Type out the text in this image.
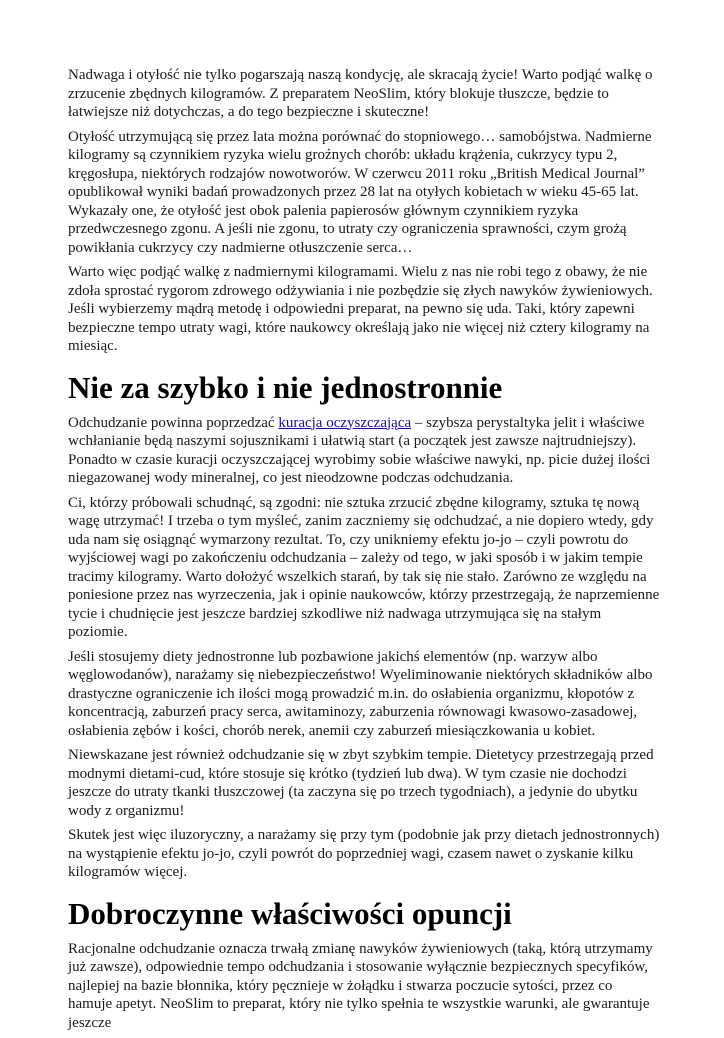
Nadwaga i otyłość nie tylko pogarszają naszą kondycję, ale skracają życie! Warto podjąć walkę o zrzucenie zbędnych kilogramów. Z preparatem NeoSlim, który blokuje tłuszcze, będzie to łatwiejsze niż dotychczas, a do tego bezpieczne i skuteczne!

Otyłość utrzymującą się przez lata można porównać do stopniowego… samobójstwa. Nadmierne kilogramy są czynnikiem ryzyka wielu groźnych chorób: układu krążenia, cukrzycy typu 2, kręgosłupa, niektórych rodzajów nowotworów. W czerwcu 2011 roku „British Medical Journal” opublikował wyniki badań prowadzonych przez 28 lat na otyłych kobietach w wieku 45-65 lat. Wykazały one, że otyłość jest obok palenia papierosów głównym czynnikiem ryzyka przedwczesnego zgonu. A jeśli nie zgonu, to utraty czy ograniczenia sprawności, czym grożą powikłania cukrzycy czy nadmierne otłuszczenie serca…

Warto więc podjąć walkę z nadmiernymi kilogramami. Wielu z nas nie robi tego z obawy, że nie zdoła sprostać rygorom zdrowego odżywiania i nie pozbędzie się złych nawyków żywieniowych. Jeśli wybierzemy mądrą metodę i odpowiedni preparat, na pewno się uda. Taki, który zapewni bezpieczne tempo utraty wagi, które naukowcy określają jako nie więcej niż cztery kilogramy na miesiąc.

Nie za szybko i nie jednostronnie

Odchudzanie powinna poprzedzać kuracja oczyszczająca – szybsza perystaltyka jelit i właściwe wchłanianie będą naszymi sojusznikami i ułatwią start (a początek jest zawsze najtrudniejszy). Ponadto w czasie kuracji oczyszczającej wyrobimy sobie właściwe nawyki, np. picie dużej ilości niegazowanej wody mineralnej, co jest nieodzowne podczas odchudzania.

Ci, którzy próbowali schudnąć, są zgodni: nie sztuka zrzucić zbędne kilogramy, sztuka tę nową wagę utrzymać! I trzeba o tym myśleć, zanim zaczniemy się odchudzać, a nie dopiero wtedy, gdy uda nam się osiągnąć wymarzony rezultat. To, czy unikniemy efektu jo-jo – czyli powrotu do wyjściowej wagi po zakończeniu odchudzania – zależy od tego, w jaki sposób i w jakim tempie tracimy kilogramy. Warto dołożyć wszelkich starań, by tak się nie stało. Zarówno ze względu na poniesione przez nas wyrzeczenia, jak i opinie naukowców, którzy przestrzegają, że naprzemienne tycie i chudnięcie jest jeszcze bardziej szkodliwe niż nadwaga utrzymująca się na stałym poziomie.

Jeśli stosujemy diety jednostronne lub pozbawione jakichś elementów (np. warzyw albo węglowodanów), narażamy się niebezpieczeństwo! Wyeliminowanie niektórych składników albo drastyczne ograniczenie ich ilości mogą prowadzić m.in. do osłabienia organizmu, kłopotów z koncentracją, zaburzeń pracy serca, awitaminozy, zaburzenia równowagi kwasowo-zasadowej, osłabienia zębów i kości, chorób nerek, anemii czy zaburzeń miesiączkowania u kobiet.

Niewskazane jest również odchudzanie się w zbyt szybkim tempie. Dietetycy przestrzegają przed modnymi dietami-cud, które stosuje się krótko (tydzień lub dwa). W tym czasie nie dochodzi jeszcze do utraty tkanki tłuszczowej (ta zaczyna się po trzech tygodniach), a jedynie do ubytku wody z organizmu!

Skutek jest więc iluzoryczny, a narażamy się przy tym (podobnie jak przy dietach jednostronnych) na wystąpienie efektu jo-jo, czyli powrót do poprzedniej wagi, czasem nawet o zyskanie kilku kilogramów więcej.

Dobroczynne właściwości opuncji

Racjonalne odchudzanie oznacza trwałą zmianę nawyków żywieniowych (taką, którą utrzymamy już zawsze), odpowiednie tempo odchudzania i stosowanie wyłącznie bezpiecznych specyfików, najlepiej na bazie błonnika, który pęcznieje w żołądku i stwarza poczucie sytości, przez co hamuje apetyt. NeoSlim to preparat, który nie tylko spełnia te wszystkie warunki, ale gwarantuje jeszcze
